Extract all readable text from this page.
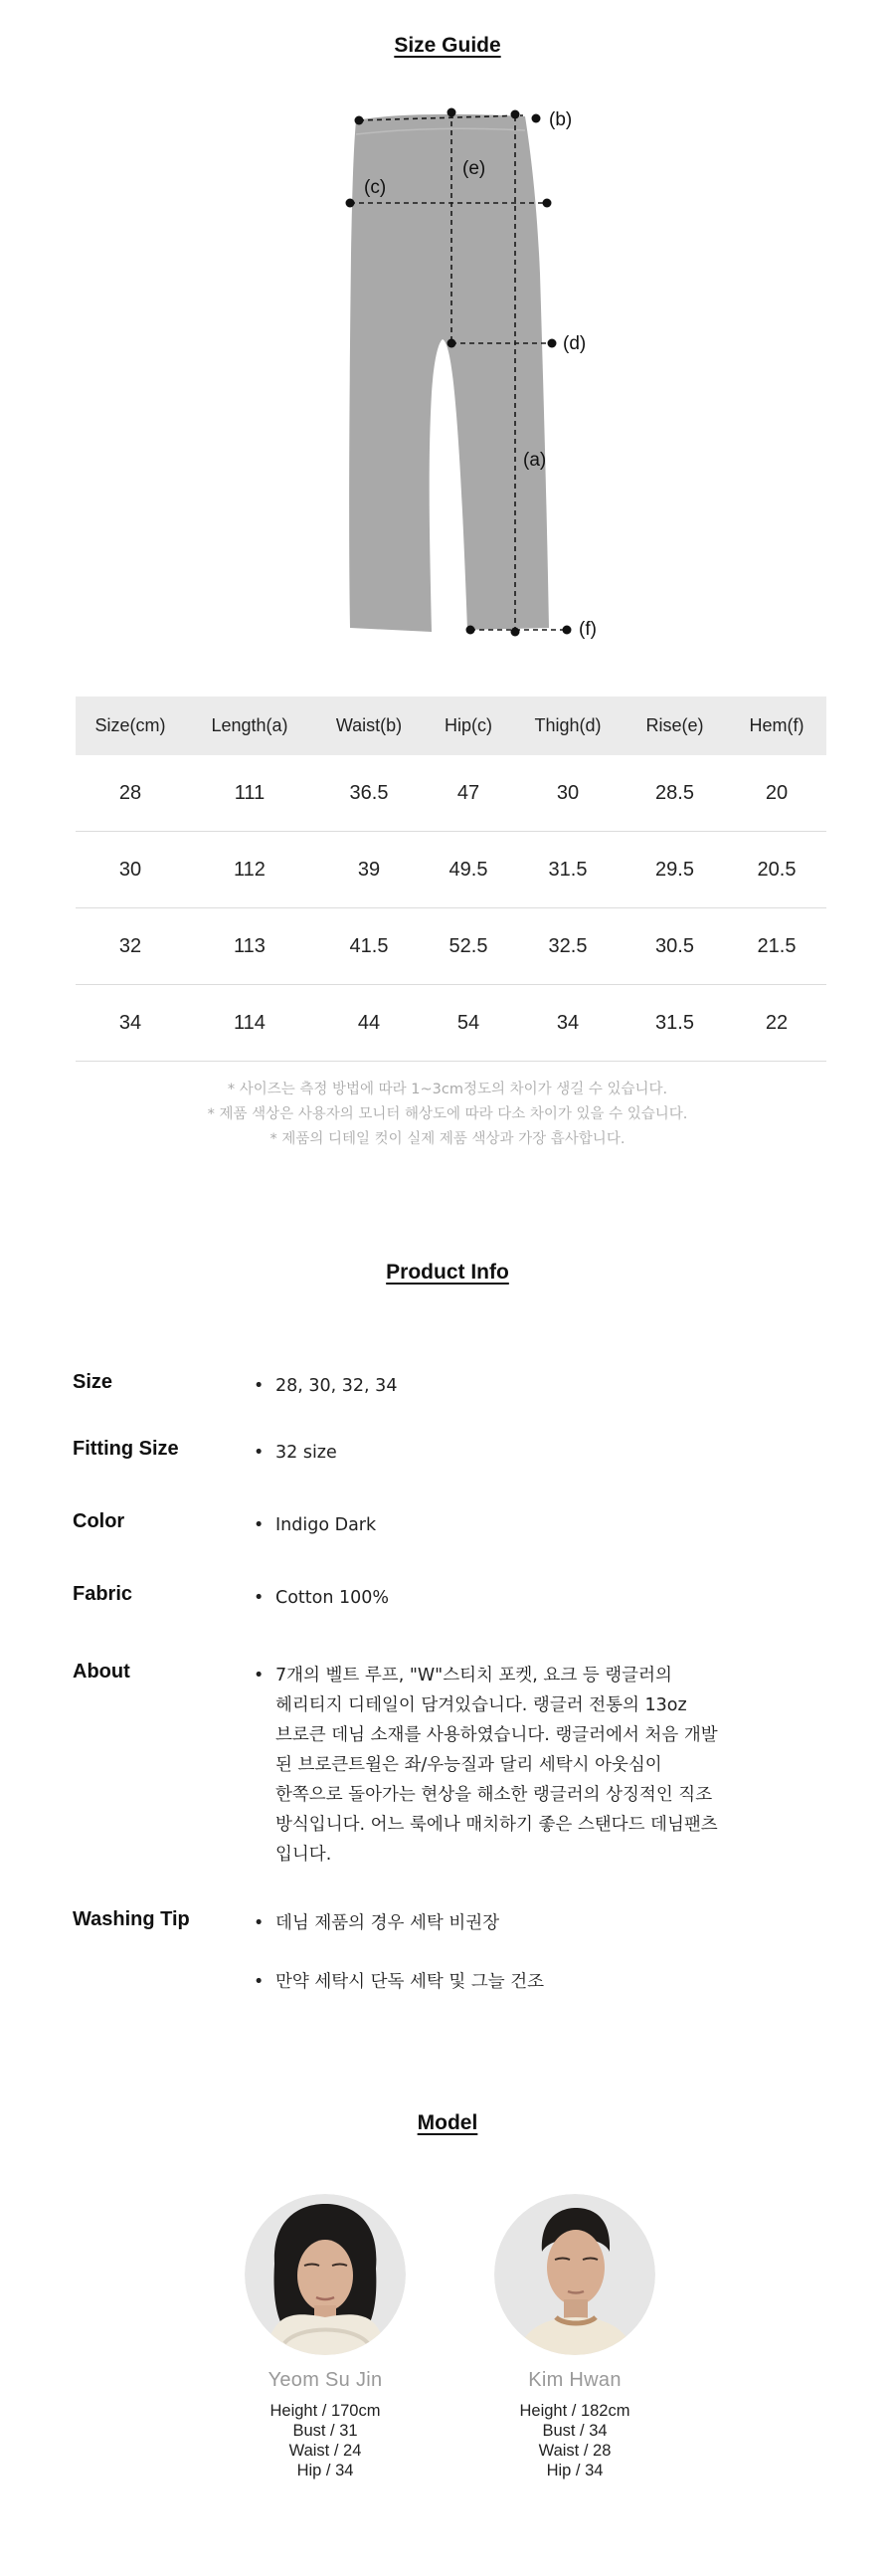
Size Guide
(b)
(e)
(c)
(d)
(a)
(f)
Size(cm)	Length(a)	Waist(b)	Hip(c)	Thigh(d)	Rise(e)	Hem(f)
28	111	36.5	47	30	28.5	20
30	112	39	49.5	31.5	29.5	20.5
32	113	41.5	52.5	32.5	30.5	21.5
34	114	44	54	34	31.5	22
* 사이즈는 측정 방법에 따라 1~3cm정도의 차이가 생길 수 있습니다.
* 제품 색상은 사용자의 모니터 해상도에 따라 다소 차이가 있을 수 있습니다.
* 제품의 디테일 컷이 실제 제품 색상과 가장 흡사합니다.
Product Info
Size	• 28, 30, 32, 34
Fitting Size	• 32 size
Color	• Indigo Dark
Fabric	• Cotton 100%
About	• 7개의 벨트 루프, "W"스티치 포켓, 요크 등 랭글러의
헤리티지 디테일이 담겨있습니다. 랭글러 전통의 13oz
브로큰 데님 소재를 사용하였습니다. 랭글러에서 처음 개발
된 브로큰트윌은 좌/우능질과 달리 세탁시 아웃심이
한쪽으로 돌아가는 현상을 해소한 랭글러의 상징적인 직조
방식입니다. 어느 룩에나 매치하기 좋은 스탠다드 데님팬츠
입니다.
Washing Tip	• 데님 제품의 경우 세탁 비권장
• 만약 세탁시 단독 세탁 및 그늘 건조
Model
Yeom Su Jin
Height / 170cm
Bust / 31
Waist / 24
Hip / 34
Kim Hwan
Height / 182cm
Bust / 34
Waist / 28
Hip / 34
